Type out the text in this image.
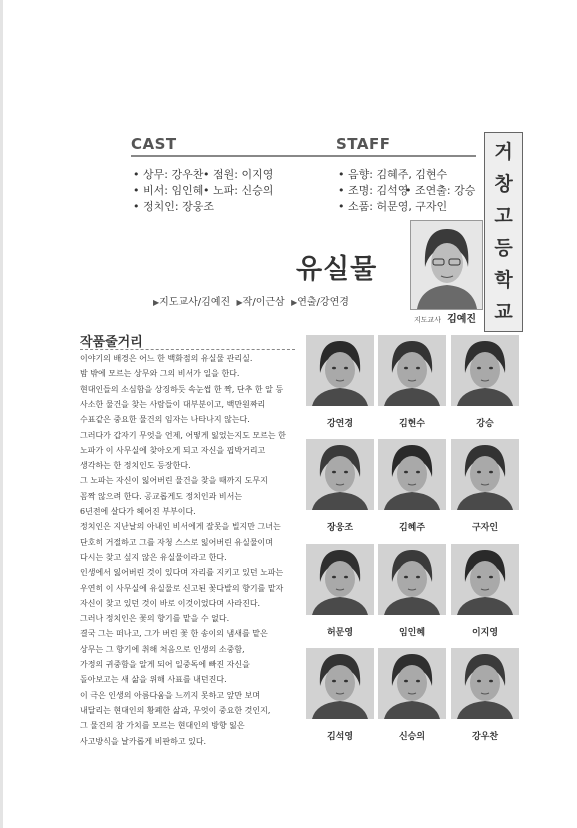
CAST
• 상무: 강우찬 • 점원: 이지영
• 비서: 임인혜 • 노파: 신승의
• 정치인: 장웅조
STAFF
• 음향: 김혜주, 김현수
• 조명: 김석영
• 조연출: 강승
• 소품: 허문영, 구자인
거
창
고
등
학
교
유실물
▶지도교사/김예진 ▶작/이근삼 ▶연출/강연경
지도교사 김예진
작품줄거리
이야기의 배경은 어느 한 백화점의 유실물 관리실.
밤 밖에 모르는 상무와 그의 비서가 일을 한다.
현대인들의 소심함을 상징하듯 속눈썹 한 짝, 단추 한 알 등
사소한 물건을 찾는 사람들이 대부분이고, 백만원짜리
수표같은 중요한 물건의 임자는 나타나지 않는다.
그러다가 갑자기 무엇을 언제, 어떻게 잃었는지도 모르는 한
노파가 이 사무실에 찾아오게 되고 자신을 핍박거리고
생각하는 한 정치인도 등장한다.
그 노파는 자신이 잃어버린 물건을 찾을 때까지 도무지
꼼짝 않으려 한다. 공교롭게도 정치인과 비서는
6년전에 살다가 헤어진 부부이다.
정치인은 지난날의 아내인 비서에게 잘못을 빌지만 그녀는
단호히 거절하고 그를 자청 스스로 잃어버린 유실물이며
다시는 찾고 싶지 않은 유실물이라고 한다.
인생에서 잃어버린 것이 있다며 자리를 지키고 있던 노파는
우연히 이 사무실에 유실물로 신고된 꽃다발의 향기를 맡자
자신이 찾고 있던 것이 바로 이것이었다며 사라진다.
그러나 정치인은 꽃의 향기를 맡을 수 없다.
결국 그는 떠나고, 그가 버린 꽃 한 송이의 냄새를 맡은
상무는 그 향기에 취해 처음으로 인생의 소중함,
가정의 귀중함을 알게 되어 일중독에 빠진 자신을
돌아보고는 새 삶을 위해 사표를 내던진다.
이 극은 인생의 아름다움을 느끼지 못하고 앞만 보며
내달리는 현대인의 황폐한 삶과, 무엇이 중요한 것인지,
그 물건의 참 가치를 모르는 현대인의 방향 잃은
사고방식을 날카롭게 비판하고 있다.
강연경	김현수	강승
장웅조	김혜주	구자인
허문영	임인혜	이지영
김석영	신승의	강우찬
